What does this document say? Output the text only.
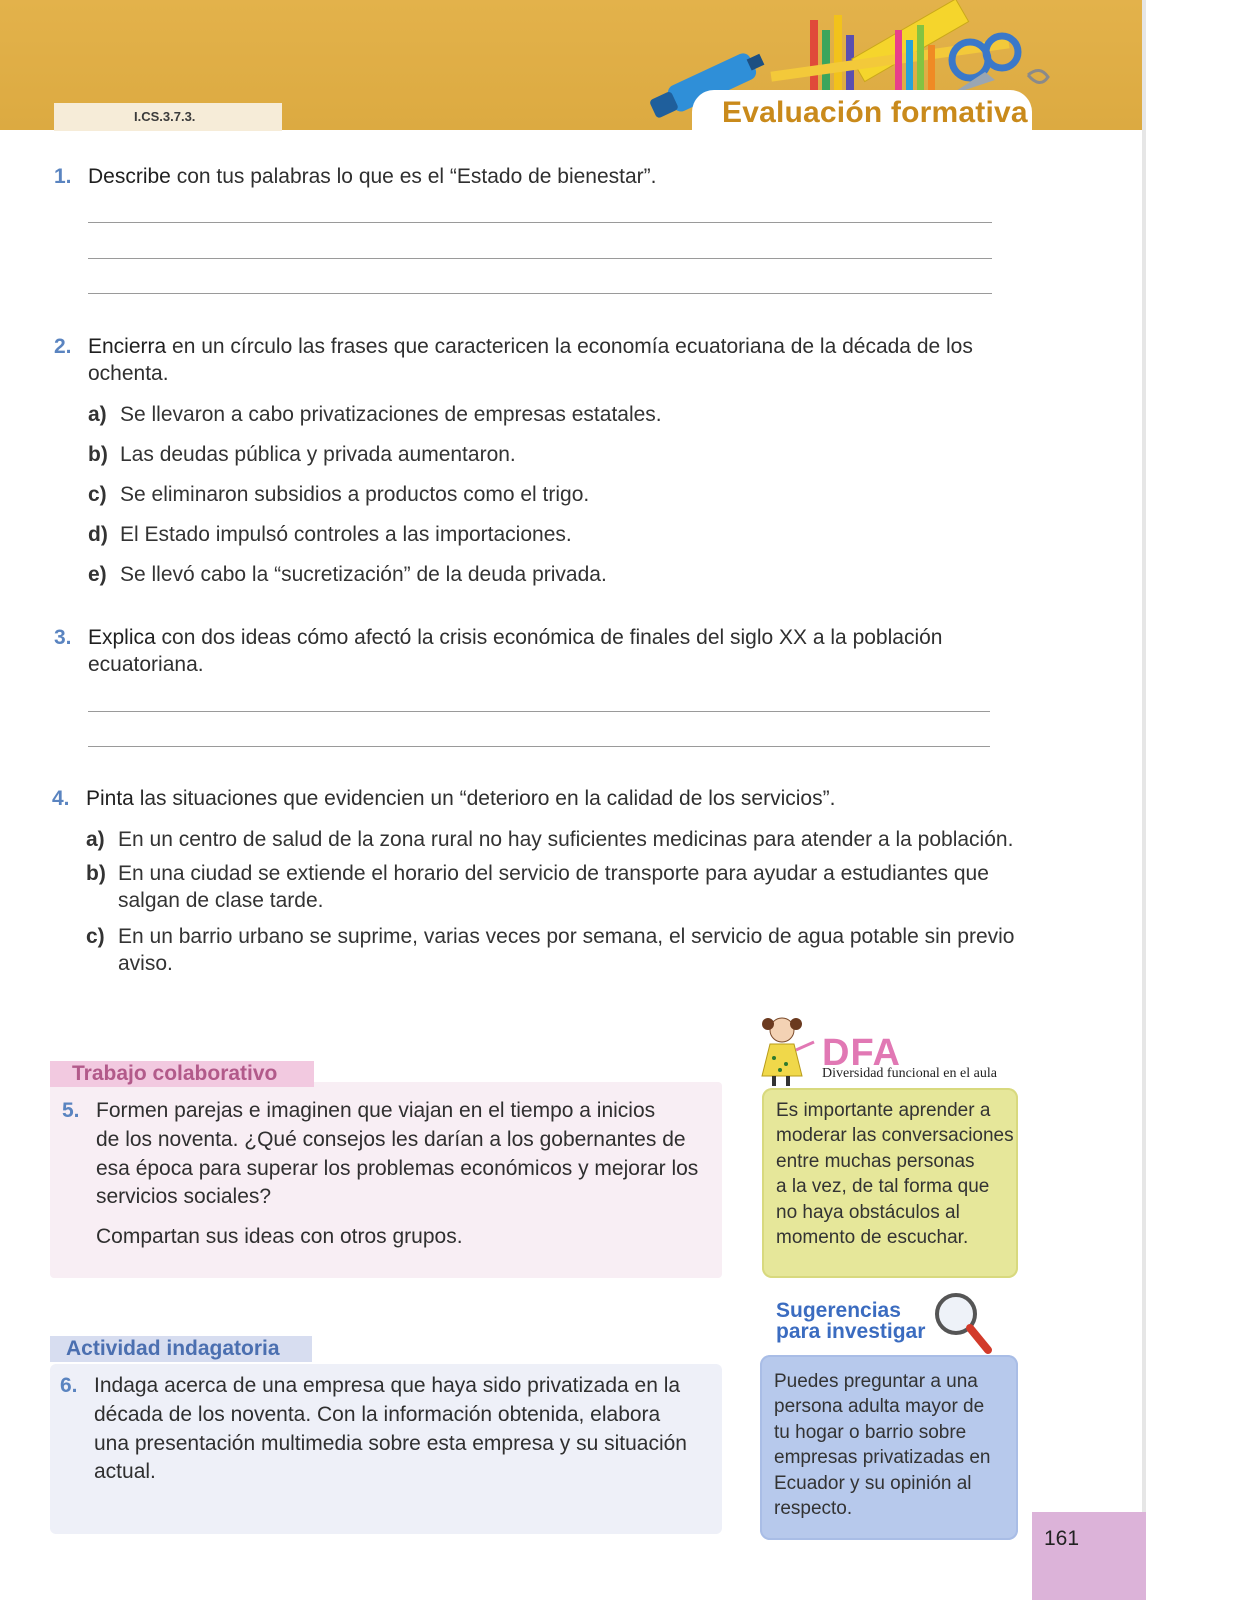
I.CS.3.7.3.	Evaluación formativa
1. Describe con tus palabras lo que es el “Estado de bienestar”.
2. Encierra en un círculo las frases que caractericen la economía ecuatoriana de la década de los
ochenta.
a) Se llevaron a cabo privatizaciones de empresas estatales.
b) Las deudas pública y privada aumentaron.
c) Se eliminaron subsidios a productos como el trigo.
d) El Estado impulsó controles a las importaciones.
e) Se llevó cabo la “sucretización” de la deuda privada.
3. Explica con dos ideas cómo afectó la crisis económica de finales del siglo XX a la población
ecuatoriana.
4. Pinta las situaciones que evidencien un “deterioro en la calidad de los servicios”.
a) En un centro de salud de la zona rural no hay suficientes medicinas para atender a la población.
b) En una ciudad se extiende el horario del servicio de transporte para ayudar a estudiantes que
salgan de clase tarde.
c) En un barrio urbano se suprime, varias veces por semana, el servicio de agua potable sin previo
aviso.
Trabajo colaborativo
5. Formen parejas e imaginen que viajan en el tiempo a inicios
de los noventa. ¿Qué consejos les darían a los gobernantes de
esa época para superar los problemas económicos y mejorar los
servicios sociales?
Compartan sus ideas con otros grupos.
Actividad indagatoria
6. Indaga acerca de una empresa que haya sido privatizada en la
década de los noventa. Con la información obtenida, elabora
una presentación multimedia sobre esta empresa y su situación
actual.
DFA
Diversidad funcional en el aula
Es importante aprender a
moderar las conversaciones
entre muchas personas
a la vez, de tal forma que
no haya obstáculos al
momento de escuchar.
Sugerencias
para investigar
Puedes preguntar a una
persona adulta mayor de
tu hogar o barrio sobre
empresas privatizadas en
Ecuador y su opinión al
respecto.
161
